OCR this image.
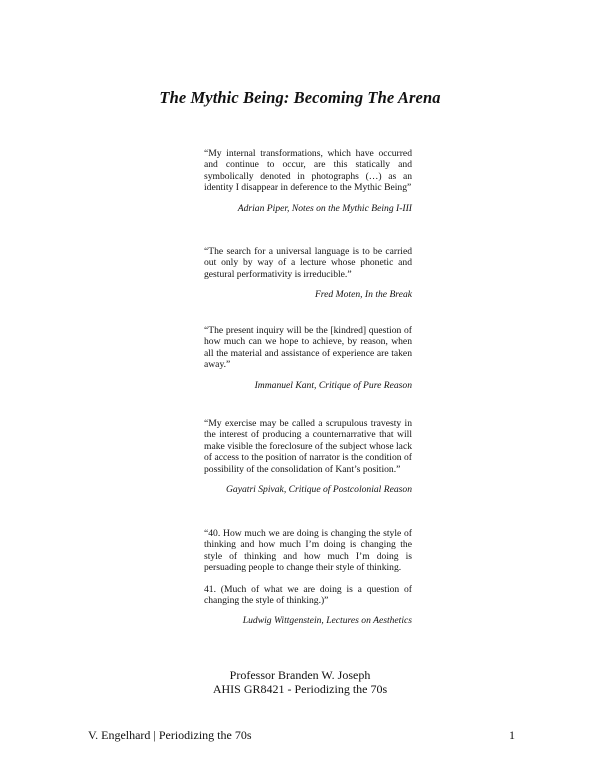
The Mythic Being: Becoming The Arena

“My internal transformations, which have occurred and continue to occur, are this statically and symbolically denoted in photographs (…) as an identity I disappear in deference to the Mythic Being”

Adrian Piper, Notes on the Mythic Being I-III

“The search for a universal language is to be carried out only by way of a lecture whose phonetic and gestural performativity is irreducible.”

Fred Moten, In the Break

“The present inquiry will be the [kindred] question of how much can we hope to achieve, by reason, when all the material and assistance of experience are taken away.”

Immanuel Kant, Critique of Pure Reason

“My exercise may be called a scrupulous travesty in the interest of producing a counternarrative that will make visible the foreclosure of the subject whose lack of access to the position of narrator is the condition of possibility of the consolidation of Kant’s position.”

Gayatri Spivak, Critique of Postcolonial Reason

“40. How much we are doing is changing the style of thinking and how much I’m doing is changing the style of thinking and how much I’m doing is persuading people to change their style of thinking.

41. (Much of what we are doing is a question of changing the style of thinking.)”

Ludwig Wittgenstein, Lectures on Aesthetics

Professor Branden W. Joseph
AHIS GR8421 - Periodizing the 70s
V. Engelhard | Periodizing the 70s	1
